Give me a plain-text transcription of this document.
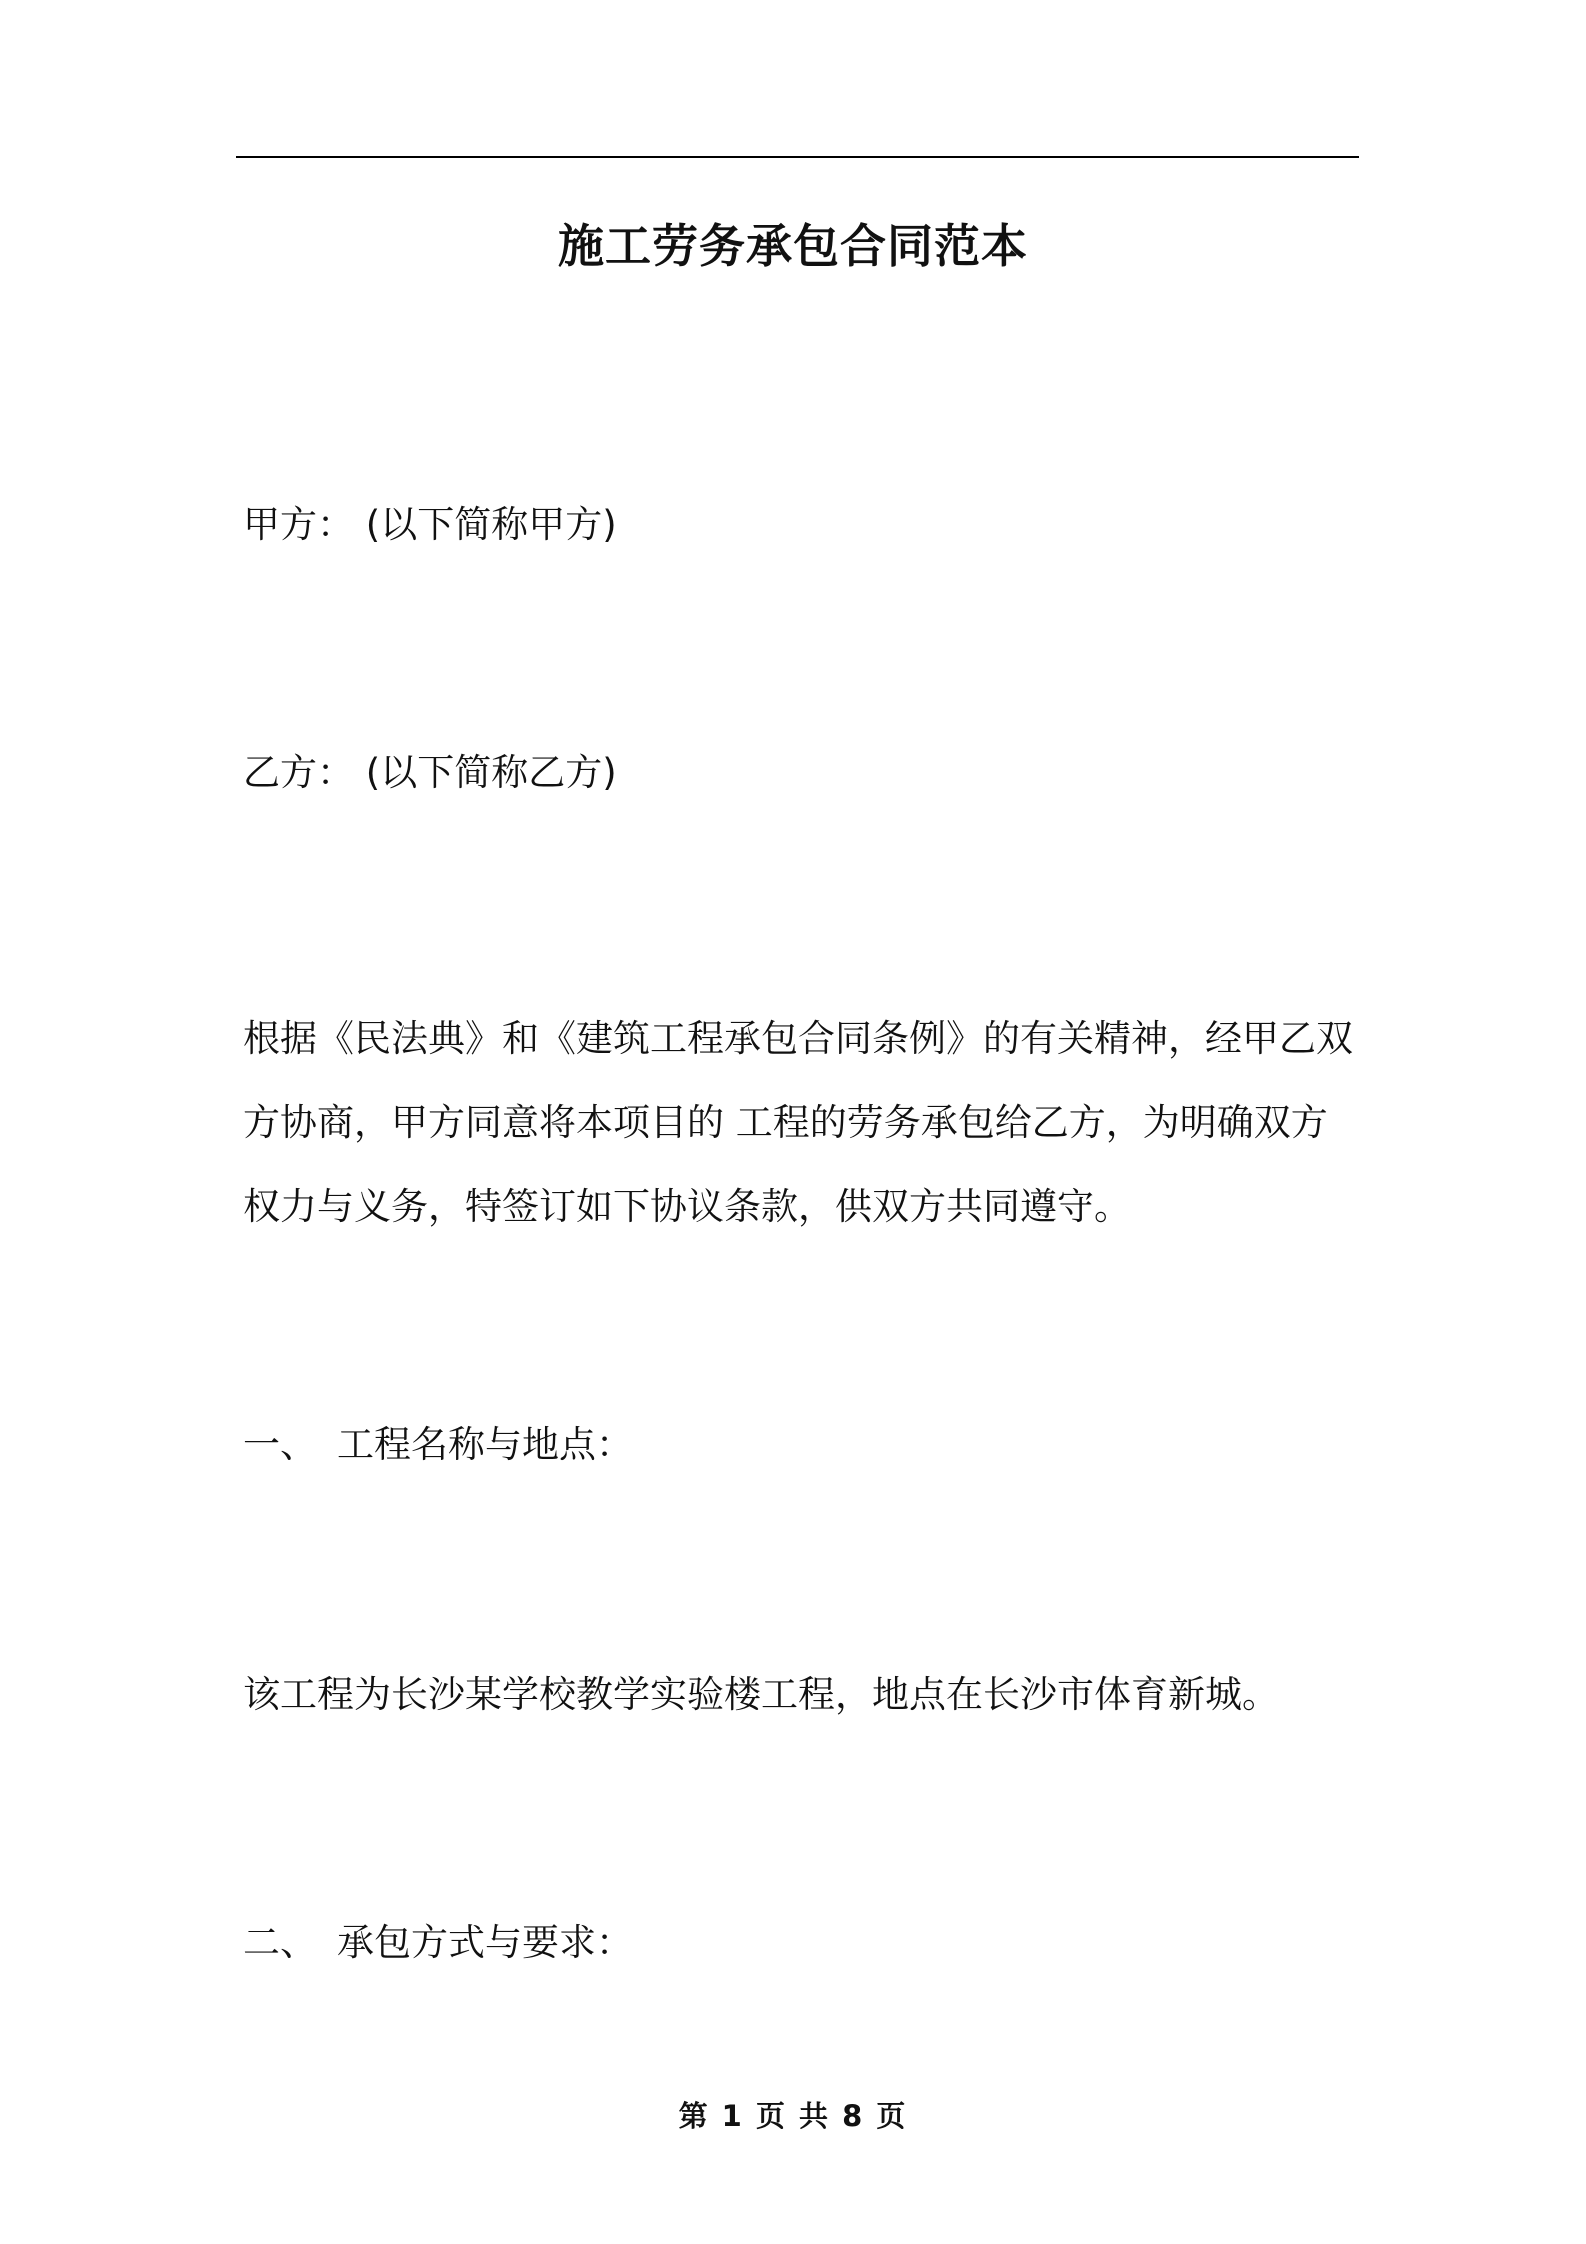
施工劳务承包合同范本
甲方： (以下简称甲方)
乙方： (以下简称乙方)
根据《民法典》和《建筑工程承包合同条例》的有关精神，经甲乙双
方协商，甲方同意将本项目的 工程的劳务承包给乙方，为明确双方
权力与义务，特签订如下协议条款，供双方共同遵守。
一、 工程名称与地点：
该工程为长沙某学校教学实验楼工程，地点在长沙市体育新城。
二、 承包方式与要求：
第 1 页 共 8 页
